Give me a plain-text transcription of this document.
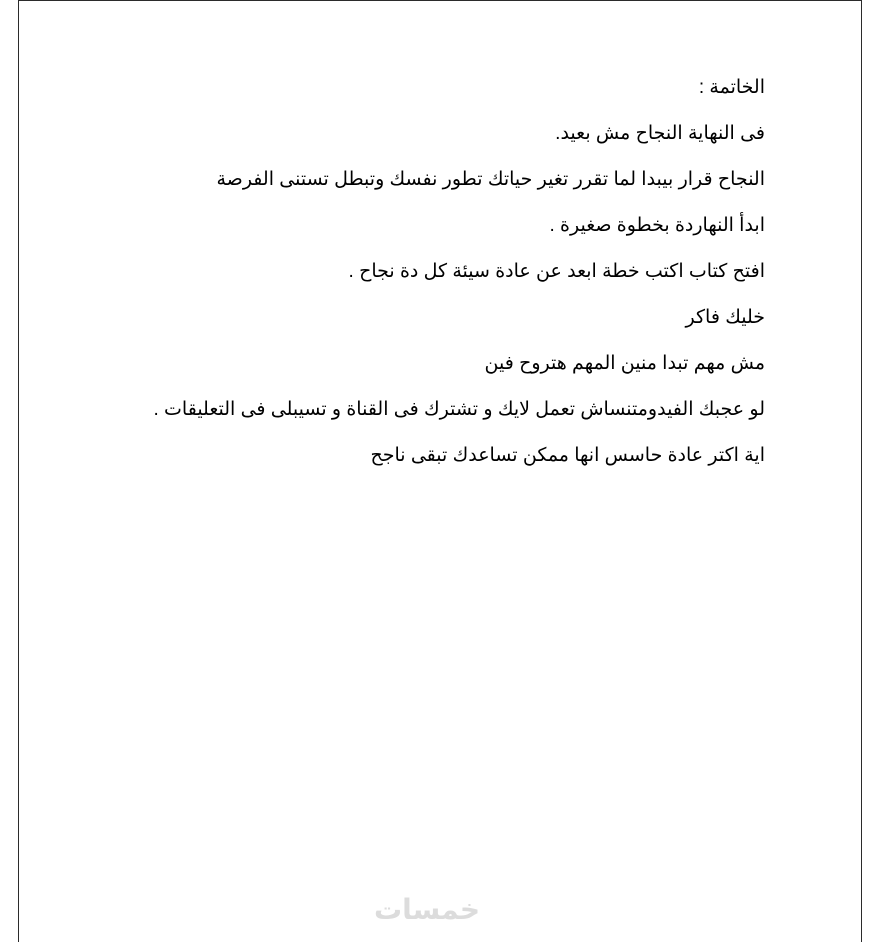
الخاتمة :
فى النهاية النجاح مش بعيد.
النجاح قرار بيبدا لما تقرر تغير حياتك تطور نفسك وتبطل تستنى الفرصة
ابدأ النهاردة بخطوة صغيرة .
افتح كتاب اكتب خطة ابعد عن عادة سيئة كل دة نجاح .
خليك فاكر
مش مهم تبدا منين المهم هتروح فين
لو عجبك الفيدومتنساش تعمل لايك و تشترك فى القناة و تسيبلى فى التعليقات .
اية اكتر عادة حاسس انها ممكن تساعدك تبقى ناجح
خمسات
